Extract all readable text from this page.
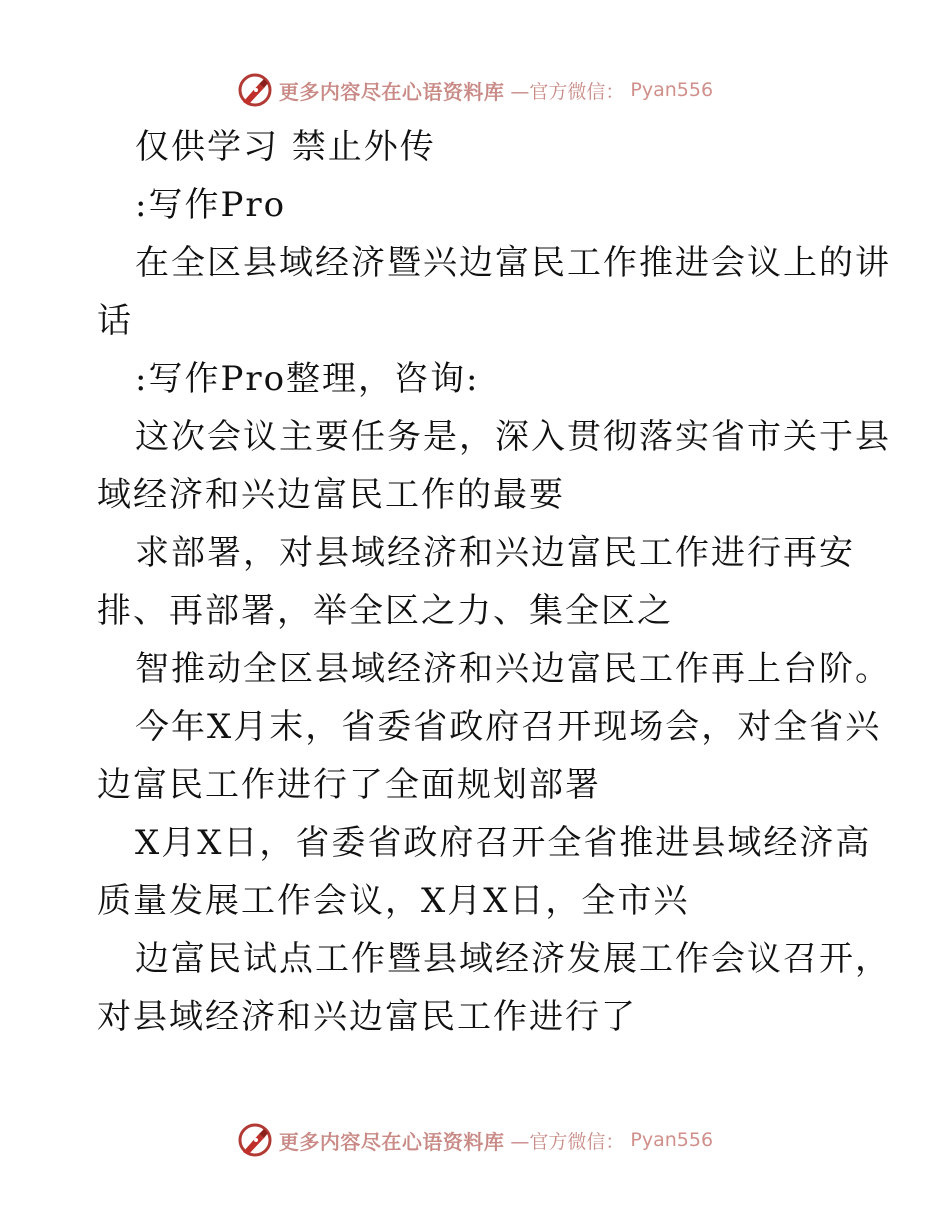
更多内容尽在心语资料库 —官方微信： Pyan556
仅供学习 禁止外传
:写作Pro
在全区县域经济暨兴边富民工作推进会议上的讲
话
:写作Pro整理，咨询:
这次会议主要任务是，深入贯彻落实省市关于县
域经济和兴边富民工作的最要
求部署，对县域经济和兴边富民工作进行再安
排、再部署，举全区之力、集全区之
智推动全区县域经济和兴边富民工作再上台阶。
今年X月末，省委省政府召开现场会，对全省兴
边富民工作进行了全面规划部署
X月X日，省委省政府召开全省推进县域经济高
质量发展工作会议，X月X日，全市兴
边富民试点工作暨县域经济发展工作会议召开，
对县域经济和兴边富民工作进行了
更多内容尽在心语资料库 —官方微信： Pyan556
